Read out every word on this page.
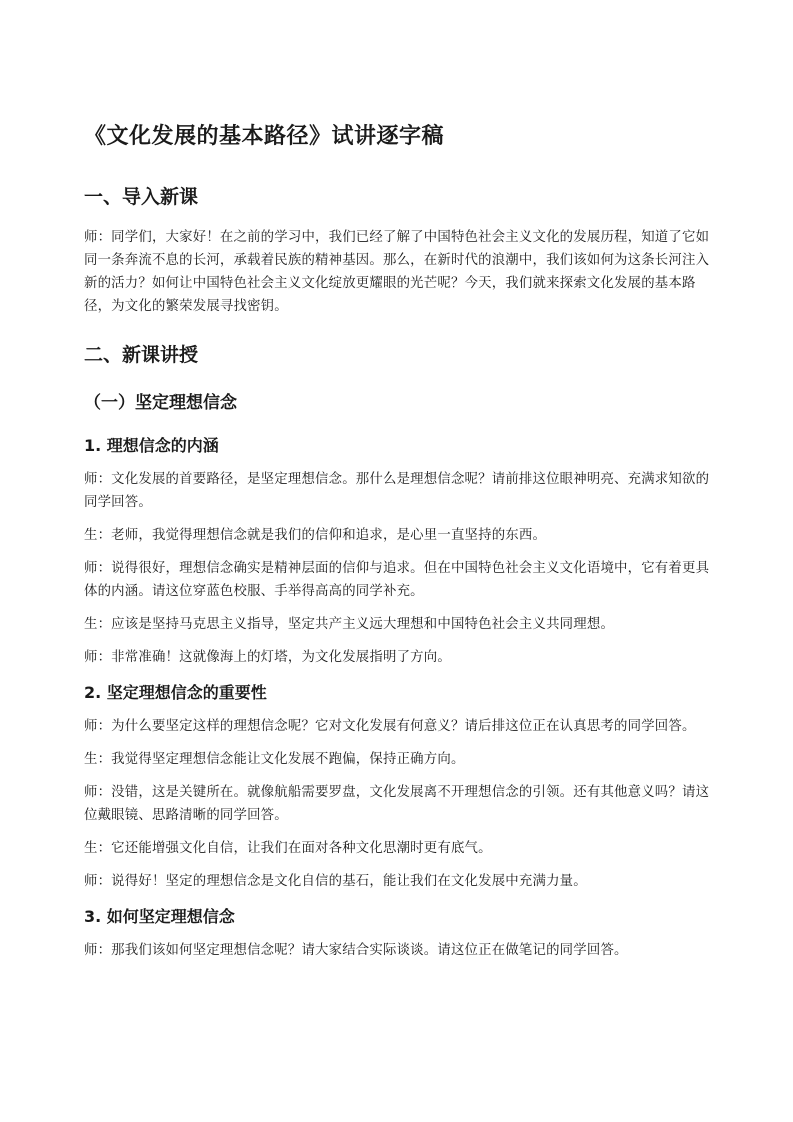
《文化发展的基本路径》试讲逐字稿
一、导入新课
师：同学们，大家好！在之前的学习中，我们已经了解了中国特色社会主义文化的发展历程，知道了它如同一条奔流不息的长河，承载着民族的精神基因。那么，在新时代的浪潮中，我们该如何为这条长河注入新的活力？如何让中国特色社会主义文化绽放更耀眼的光芒呢？今天，我们就来探索文化发展的基本路径，为文化的繁荣发展寻找密钥。
二、新课讲授
（一）坚定理想信念
1. 理想信念的内涵
师：文化发展的首要路径，是坚定理想信念。那什么是理想信念呢？请前排这位眼神明亮、充满求知欲的同学回答。
生：老师，我觉得理想信念就是我们的信仰和追求，是心里一直坚持的东西。
师：说得很好，理想信念确实是精神层面的信仰与追求。但在中国特色社会主义文化语境中，它有着更具体的内涵。请这位穿蓝色校服、手举得高高的同学补充。
生：应该是坚持马克思主义指导，坚定共产主义远大理想和中国特色社会主义共同理想。
师：非常准确！这就像海上的灯塔，为文化发展指明了方向。
2. 坚定理想信念的重要性
师：为什么要坚定这样的理想信念呢？它对文化发展有何意义？请后排这位正在认真思考的同学回答。
生：我觉得坚定理想信念能让文化发展不跑偏，保持正确方向。
师：没错，这是关键所在。就像航船需要罗盘，文化发展离不开理想信念的引领。还有其他意义吗？请这位戴眼镜、思路清晰的同学回答。
生：它还能增强文化自信，让我们在面对各种文化思潮时更有底气。
师：说得好！坚定的理想信念是文化自信的基石，能让我们在文化发展中充满力量。
3. 如何坚定理想信念
师：那我们该如何坚定理想信念呢？请大家结合实际谈谈。请这位正在做笔记的同学回答。
